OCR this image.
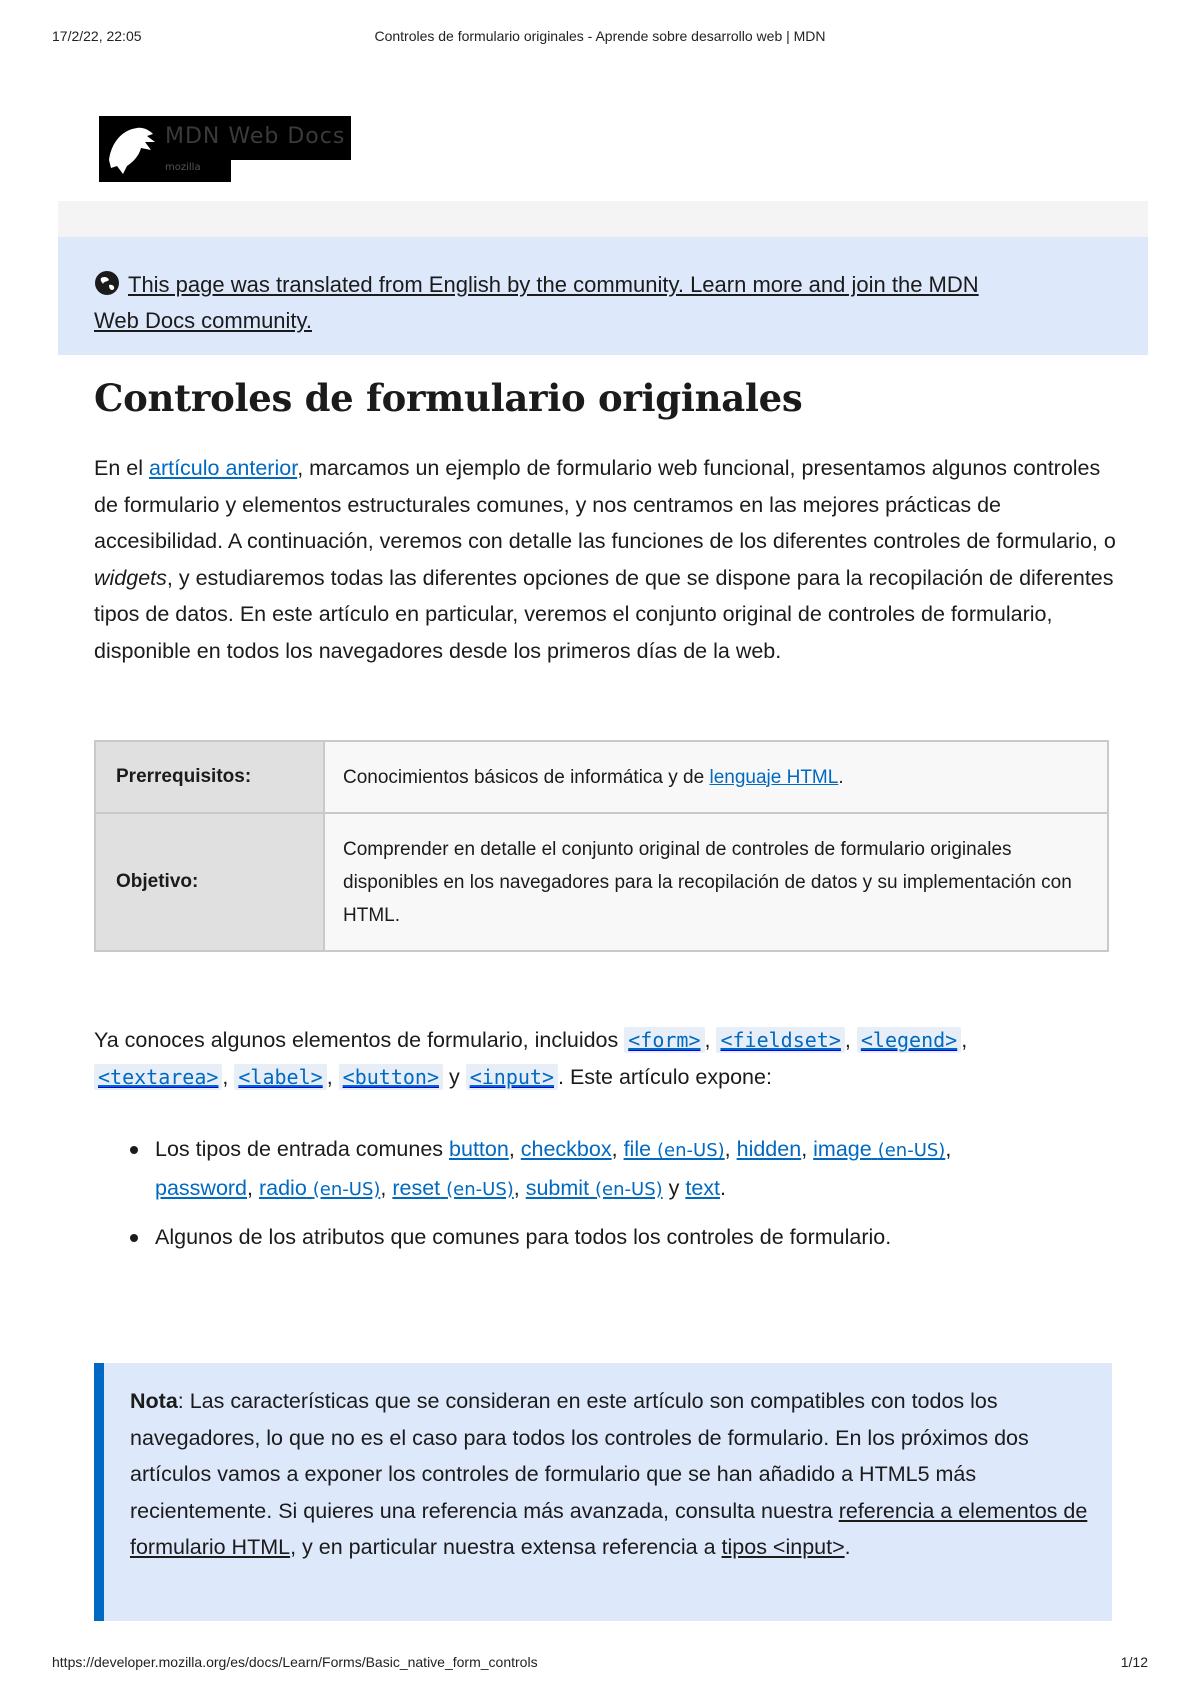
17/2/22, 22:05	Controles de formulario originales - Aprende sobre desarrollo web | MDN
MDN Web Docs
mozilla
This page was translated from English by the community. Learn more and join the MDN
Web Docs community.
Controles de formulario originales

En el artículo anterior, marcamos un ejemplo de formulario web funcional, presentamos algunos controles de formulario y elementos estructurales comunes, y nos centramos en las mejores prácticas de accesibilidad. A continuación, veremos con detalle las funciones de los diferentes controles de formulario, o widgets, y estudiaremos todas las diferentes opciones de que se dispone para la recopilación de diferentes tipos de datos. En este artículo en particular, veremos el conjunto original de controles de formulario, disponible en todos los navegadores desde los primeros días de la web.

Prerrequisitos:	Conocimientos básicos de informática y de lenguaje HTML.
Objetivo:	Comprender en detalle el conjunto original de controles de formulario originales disponibles en los navegadores para la recopilación de datos y su implementación con HTML.

Ya conoces algunos elementos de formulario, incluidos <form> , <fieldset> , <legend> ,
<textarea> , <label> , <button> y <input> . Este artículo expone:

Los tipos de entrada comunes button, checkbox, file (en-US), hidden, image (en-US),
password, radio (en-US), reset (en-US), submit (en-US) y text.
Algunos de los atributos que comunes para todos los controles de formulario.
Nota: Las características que se consideran en este artículo son compatibles con todos los navegadores, lo que no es el caso para todos los controles de formulario. En los próximos dos artículos vamos a exponer los controles de formulario que se han añadido a HTML5 más recientemente. Si quieres una referencia más avanzada, consulta nuestra referencia a elementos de formulario HTML, y en particular nuestra extensa referencia a tipos <input>.
https://developer.mozilla.org/es/docs/Learn/Forms/Basic_native_form_controls	1/12
